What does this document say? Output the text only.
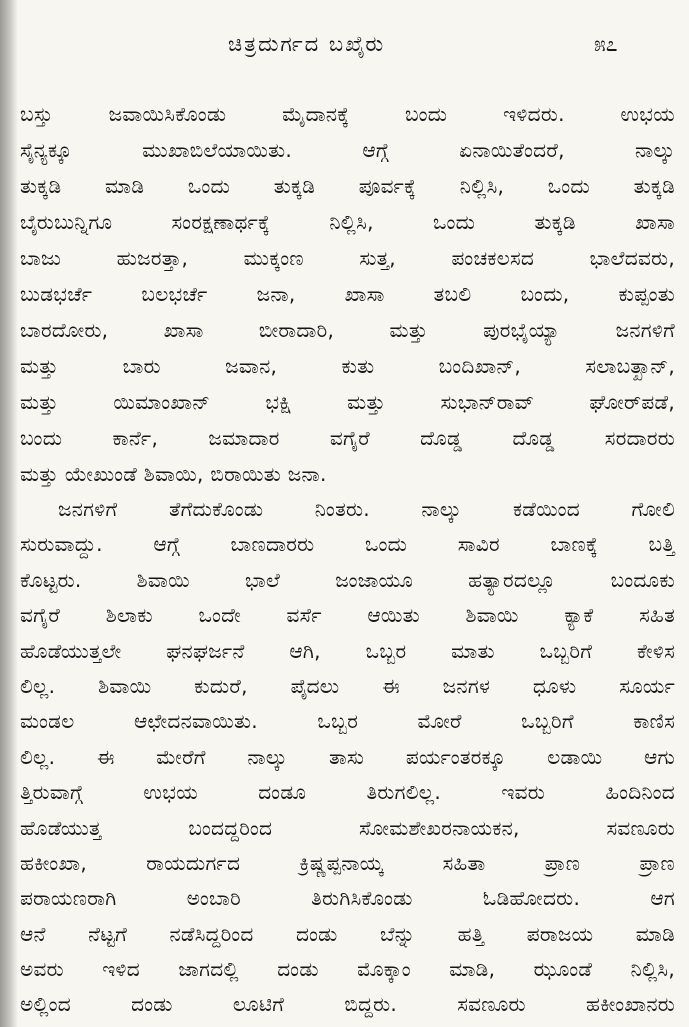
ಚಿತ್ರದುರ್ಗದ ಬಖೈರು	೫೭
ಬಸ್ತು ಜವಾಯಿಸಿಕೊಂಡು ಮೈದಾನಕ್ಕೆ ಬಂದು ಇಳಿದರು. ಉಭಯ
ಸೈನ್ಯಕ್ಕೂ ಮುಖಾಬಿಲೆಯಾಯಿತು. ಆಗ್ಗೆ ಏನಾಯಿತೆಂದರೆ, ನಾಲ್ಕು
ತುಕ್ಕಡಿ ಮಾಡಿ ಒಂದು ತುಕ್ಕಡಿ ಪೂರ್ವಕ್ಕೆ ನಿಲ್ಲಿಸಿ, ಒಂದು ತುಕ್ಕಡಿ
ಬೈರುಬುನ್ನಿಗೂ ಸಂರಕ್ಷಣಾರ್ಥಕ್ಕೆ ನಿಲ್ಲಿಸಿ, ಒಂದು ತುಕ್ಕಡಿ ಖಾಸಾ
ಬಾಜು ಹುಜರತ್ತಾ, ಮುಕ್ಕಂಣ ಸುತ್ತ, ಪಂಚಕಲಸದ ಭಾಲೆದವರು,
ಬುಡಭರ್ಚೆ ಬಲಭರ್ಚೆ ಜನಾ, ಖಾಸಾ ತಬಲಿ ಬಂದು, ಕುಪ್ಪಂತು
ಬಾರದೋರು, ಖಾಸಾ ಬೀರಾದಾರಿ, ಮತ್ತು ಪುರಭೈಯ್ಯಾ ಜನಗಳಿಗೆ
ಮತ್ತು ಬಾರು ಜವಾನ, ಕುತು ಬಂದಿಖಾನ್, ಸಲಾಬತ್ಖಾನ್,
ಮತ್ತು ಯಿಮಾಂಖಾನ್ ಭಕ್ಷಿ ಮತ್ತು ಸುಭಾನ್‌ರಾವ್ ಘೋರ್‌ಪಡೆ,
ಬಂದು ಕಾರ್ನೆ, ಜಮಾದಾರ ವಗೈರೆ ದೊಡ್ಡ ದೊಡ್ಡ ಸರದಾರರು
ಮತ್ತು ಯೇಖುಂಡೆ ಶಿವಾಯಿ, ಬಿರಾಯಿತು ಜನಾ.
ಜನಗಳಿಗೆ ತೆಗೆದುಕೊಂಡು ನಿಂತರು. ನಾಲ್ಕು ಕಡೆಯಿಂದ ಗೋಲಿ
ಸುರುವಾದ್ದು. ಆಗ್ಗೆ ಬಾಣದಾರರು ಒಂದು ಸಾವಿರ ಬಾಣಕ್ಕೆ ಬತ್ತಿ
ಕೊಟ್ಟರು. ಶಿವಾಯಿ ಭಾಲೆ ಜಂಜಾಯೂ ಹತ್ಯಾರದಲ್ಲೂ ಬಂದೂಕು
ವಗೈರೆ ಶಿಲಾಕು ಒಂದೇ ವರ್ಸೆ ಆಯಿತು ಶಿವಾಯಿ ಕ್ಯಾಕೆ ಸಹಿತ
ಹೊಡೆಯುತ್ತಲೇ ಘನಘರ್ಜನೆ ಆಗಿ, ಒಬ್ಬರ ಮಾತು ಒಬ್ಬರಿಗೆ ಕೇಳಿಸ
ಲಿಲ್ಲ. ಶಿವಾಯಿ ಕುದುರೆ, ಪೈದಲು ಈ ಜನಗಳ ಧೂಳು ಸೂರ್ಯ
ಮಂಡಲ ಆಛೇದನವಾಯಿತು. ಒಬ್ಬರ ಮೋರೆ ಒಬ್ಬರಿಗೆ ಕಾಣಿಸ
ಲಿಲ್ಲ. ಈ ಮೇರೆಗೆ ನಾಲ್ಕು ತಾಸು ಪರ್ಯಂತರಕ್ಕೂ ಲಡಾಯಿ ಆಗು
ತ್ತಿರುವಾಗ್ಗೆ ಉಭಯ ದಂಡೂ ತಿರುಗಲಿಲ್ಲ. ಇವರು ಹಿಂದಿನಿಂದ
ಹೊಡೆಯುತ್ತ ಬಂದದ್ದರಿಂದ ಸೋಮಶೇಖರನಾಯಕನ, ಸವಣೂರು
ಹಕೀಂಖಾ, ರಾಯದುರ್ಗದ ಕ್ರಿಷ್ಣಪ್ಪನಾಯ್ಕ ಸಹಿತಾ ಪ್ರಾಣ ಪ್ರಾಣ
ಪರಾಯಣರಾಗಿ ಅಂಬಾರಿ ತಿರುಗಿಸಿಕೊಂಡು ಓಡಿಹೋದರು. ಆಗ
ಆನೆ ನೆಟ್ಟಗೆ ನಡೆಸಿದ್ದರಿಂದ ದಂಡು ಬೆನ್ನು ಹತ್ತಿ ಪರಾಜಯ ಮಾಡಿ
ಅವರು ಇಳಿದ ಜಾಗದಲ್ಲಿ ದಂಡು ಮೊಕ್ಕಾಂ ಮಾಡಿ, ಝೂಂಡೆ ನಿಲ್ಲಿಸಿ,
ಅಲ್ಲಿಂದ ದಂಡು ಲೂಟಿಗೆ ಬಿದ್ದರು. ಸವಣೂರು ಹಕೀಂಖಾನರು
